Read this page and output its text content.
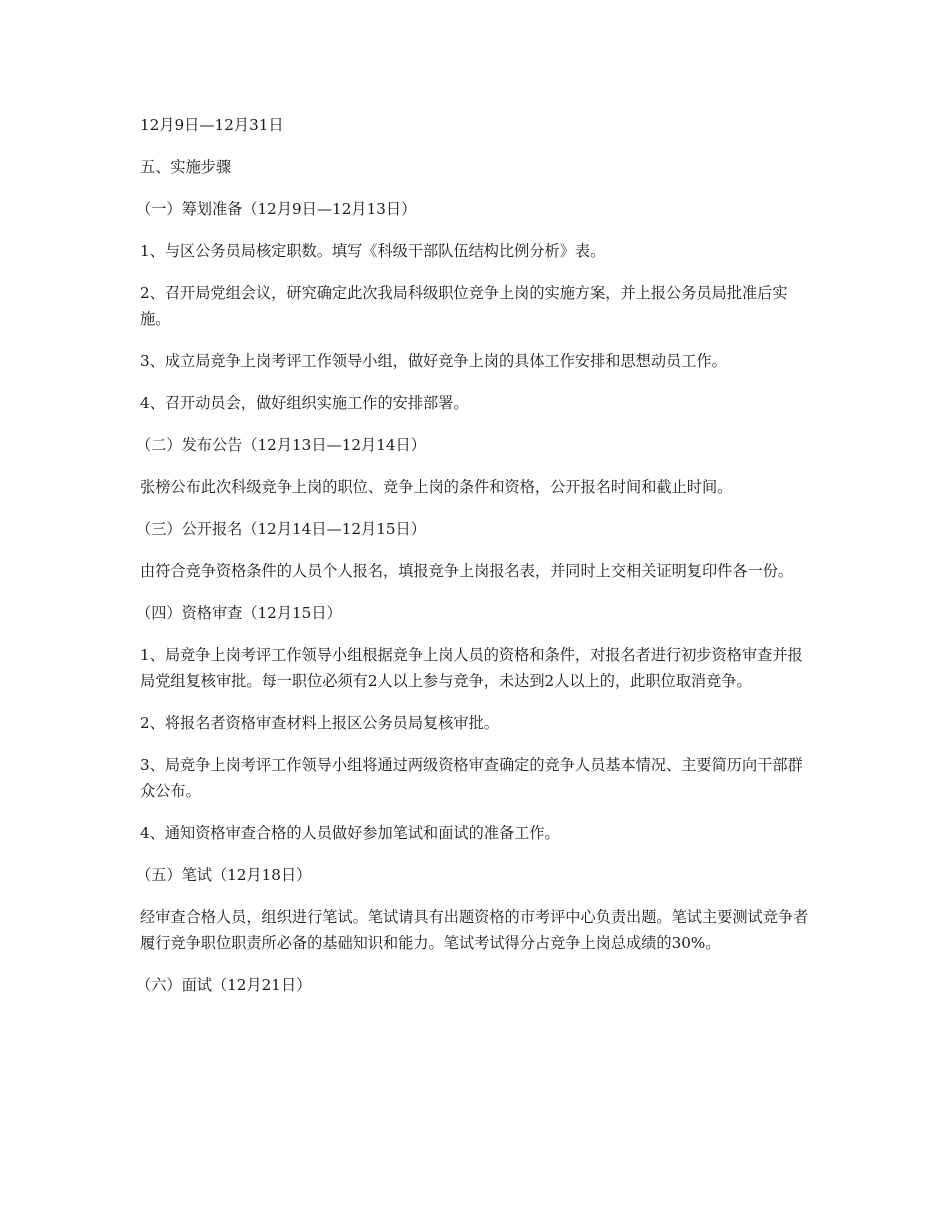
12月9日—12月31日

五、实施步骤

（一）筹划准备（12月9日—12月13日）

1、与区公务员局核定职数。填写《科级干部队伍结构比例分析》表。

2、召开局党组会议，研究确定此次我局科级职位竞争上岗的实施方案，并上报公务员局批准后实施。

3、成立局竞争上岗考评工作领导小组，做好竞争上岗的具体工作安排和思想动员工作。

4、召开动员会，做好组织实施工作的安排部署。

（二）发布公告（12月13日—12月14日）

张榜公布此次科级竞争上岗的职位、竞争上岗的条件和资格，公开报名时间和截止时间。

（三）公开报名（12月14日—12月15日）

由符合竞争资格条件的人员个人报名，填报竞争上岗报名表，并同时上交相关证明复印件各一份。

（四）资格审查（12月15日）

1、局竞争上岗考评工作领导小组根据竞争上岗人员的资格和条件，对报名者进行初步资格审查并报局党组复核审批。每一职位必须有2人以上参与竞争，未达到2人以上的，此职位取消竞争。

2、将报名者资格审查材料上报区公务员局复核审批。

3、局竞争上岗考评工作领导小组将通过两级资格审查确定的竞争人员基本情况、主要简历向干部群众公布。

4、通知资格审查合格的人员做好参加笔试和面试的准备工作。

（五）笔试（12月18日）

经审查合格人员，组织进行笔试。笔试请具有出题资格的市考评中心负责出题。笔试主要测试竞争者履行竞争职位职责所必备的基础知识和能力。笔试考试得分占竞争上岗总成绩的30%。

（六）面试（12月21日）
